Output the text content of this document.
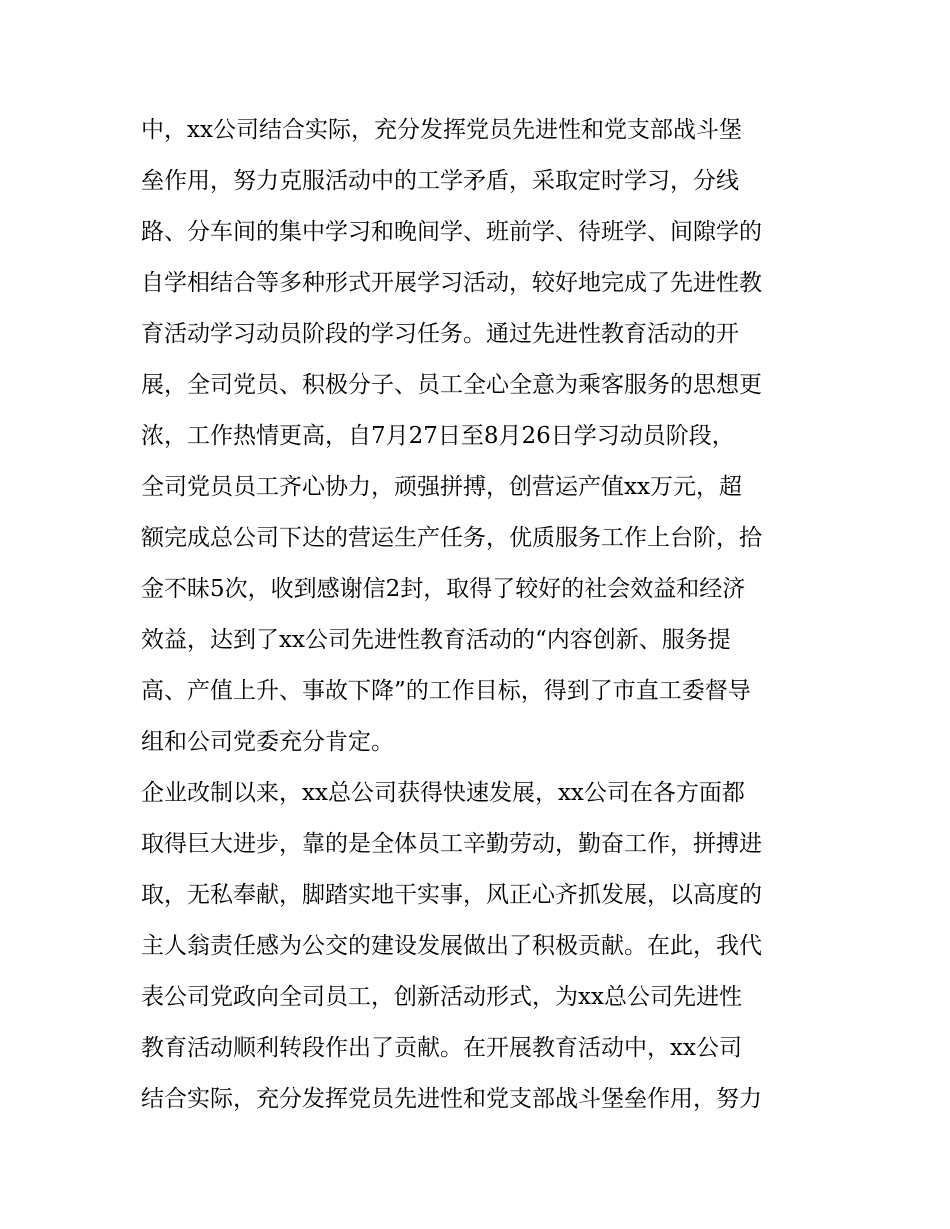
中，xx公司结合实际，充分发挥党员先进性和党支部战斗堡
垒作用，努力克服活动中的工学矛盾，采取定时学习，分线
路、分车间的集中学习和晚间学、班前学、待班学、间隙学的
自学相结合等多种形式开展学习活动，较好地完成了先进性教
育活动学习动员阶段的学习任务。通过先进性教育活动的开
展，全司党员、积极分子、员工全心全意为乘客服务的思想更
浓，工作热情更高，自7月27日至8月26日学习动员阶段，
全司党员员工齐心协力，顽强拼搏，创营运产值xx万元，超
额完成总公司下达的营运生产任务，优质服务工作上台阶，拾
金不昧5次，收到感谢信2封，取得了较好的社会效益和经济
效益，达到了xx公司先进性教育活动的“内容创新、服务提
高、产值上升、事故下降”的工作目标，得到了市直工委督导
组和公司党委充分肯定。

企业改制以来，xx总公司获得快速发展，xx公司在各方面都
取得巨大进步，靠的是全体员工辛勤劳动，勤奋工作，拼搏进
取，无私奉献，脚踏实地干实事，风正心齐抓发展，以高度的
主人翁责任感为公交的建设发展做出了积极贡献。在此，我代
表公司党政向全司员工，创新活动形式，为xx总公司先进性
教育活动顺利转段作出了贡献。在开展教育活动中，xx公司
结合实际，充分发挥党员先进性和党支部战斗堡垒作用，努力
